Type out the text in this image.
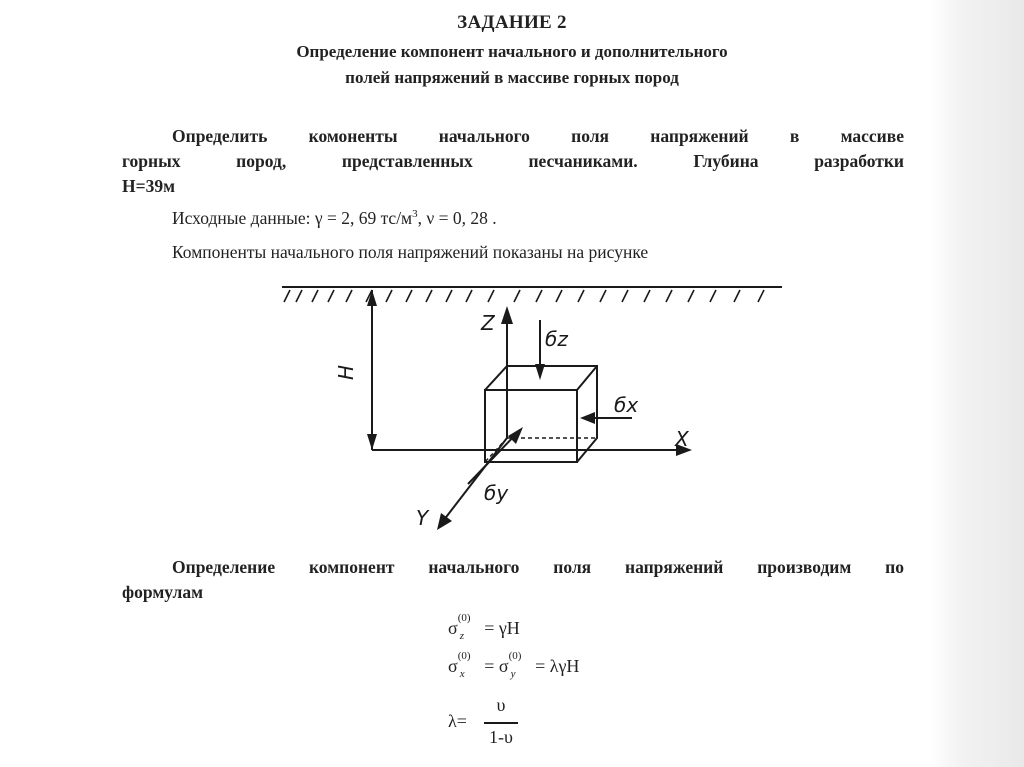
ЗАДАНИЕ 2
Определение компонент начального и дополнительного
полей напряжений в массиве горных пород
Определить комоненты начального поля напряжений в массиве
горных пород, представленных песчаниками. Глубина разработки
H=39м
Исходные данные: γ = 2, 69 $тс/м^3$, ν = 0, 28 .
Компоненты начального поля напряжений показаны на рисунке
H
Z
X
Y
бz
бx
бy
Определение компонент начального поля напряжений производим по
формулам
σ (0)
z = γH
σ (0)
x = σ (0)
y = λγH
λ=
υ
1-υ
